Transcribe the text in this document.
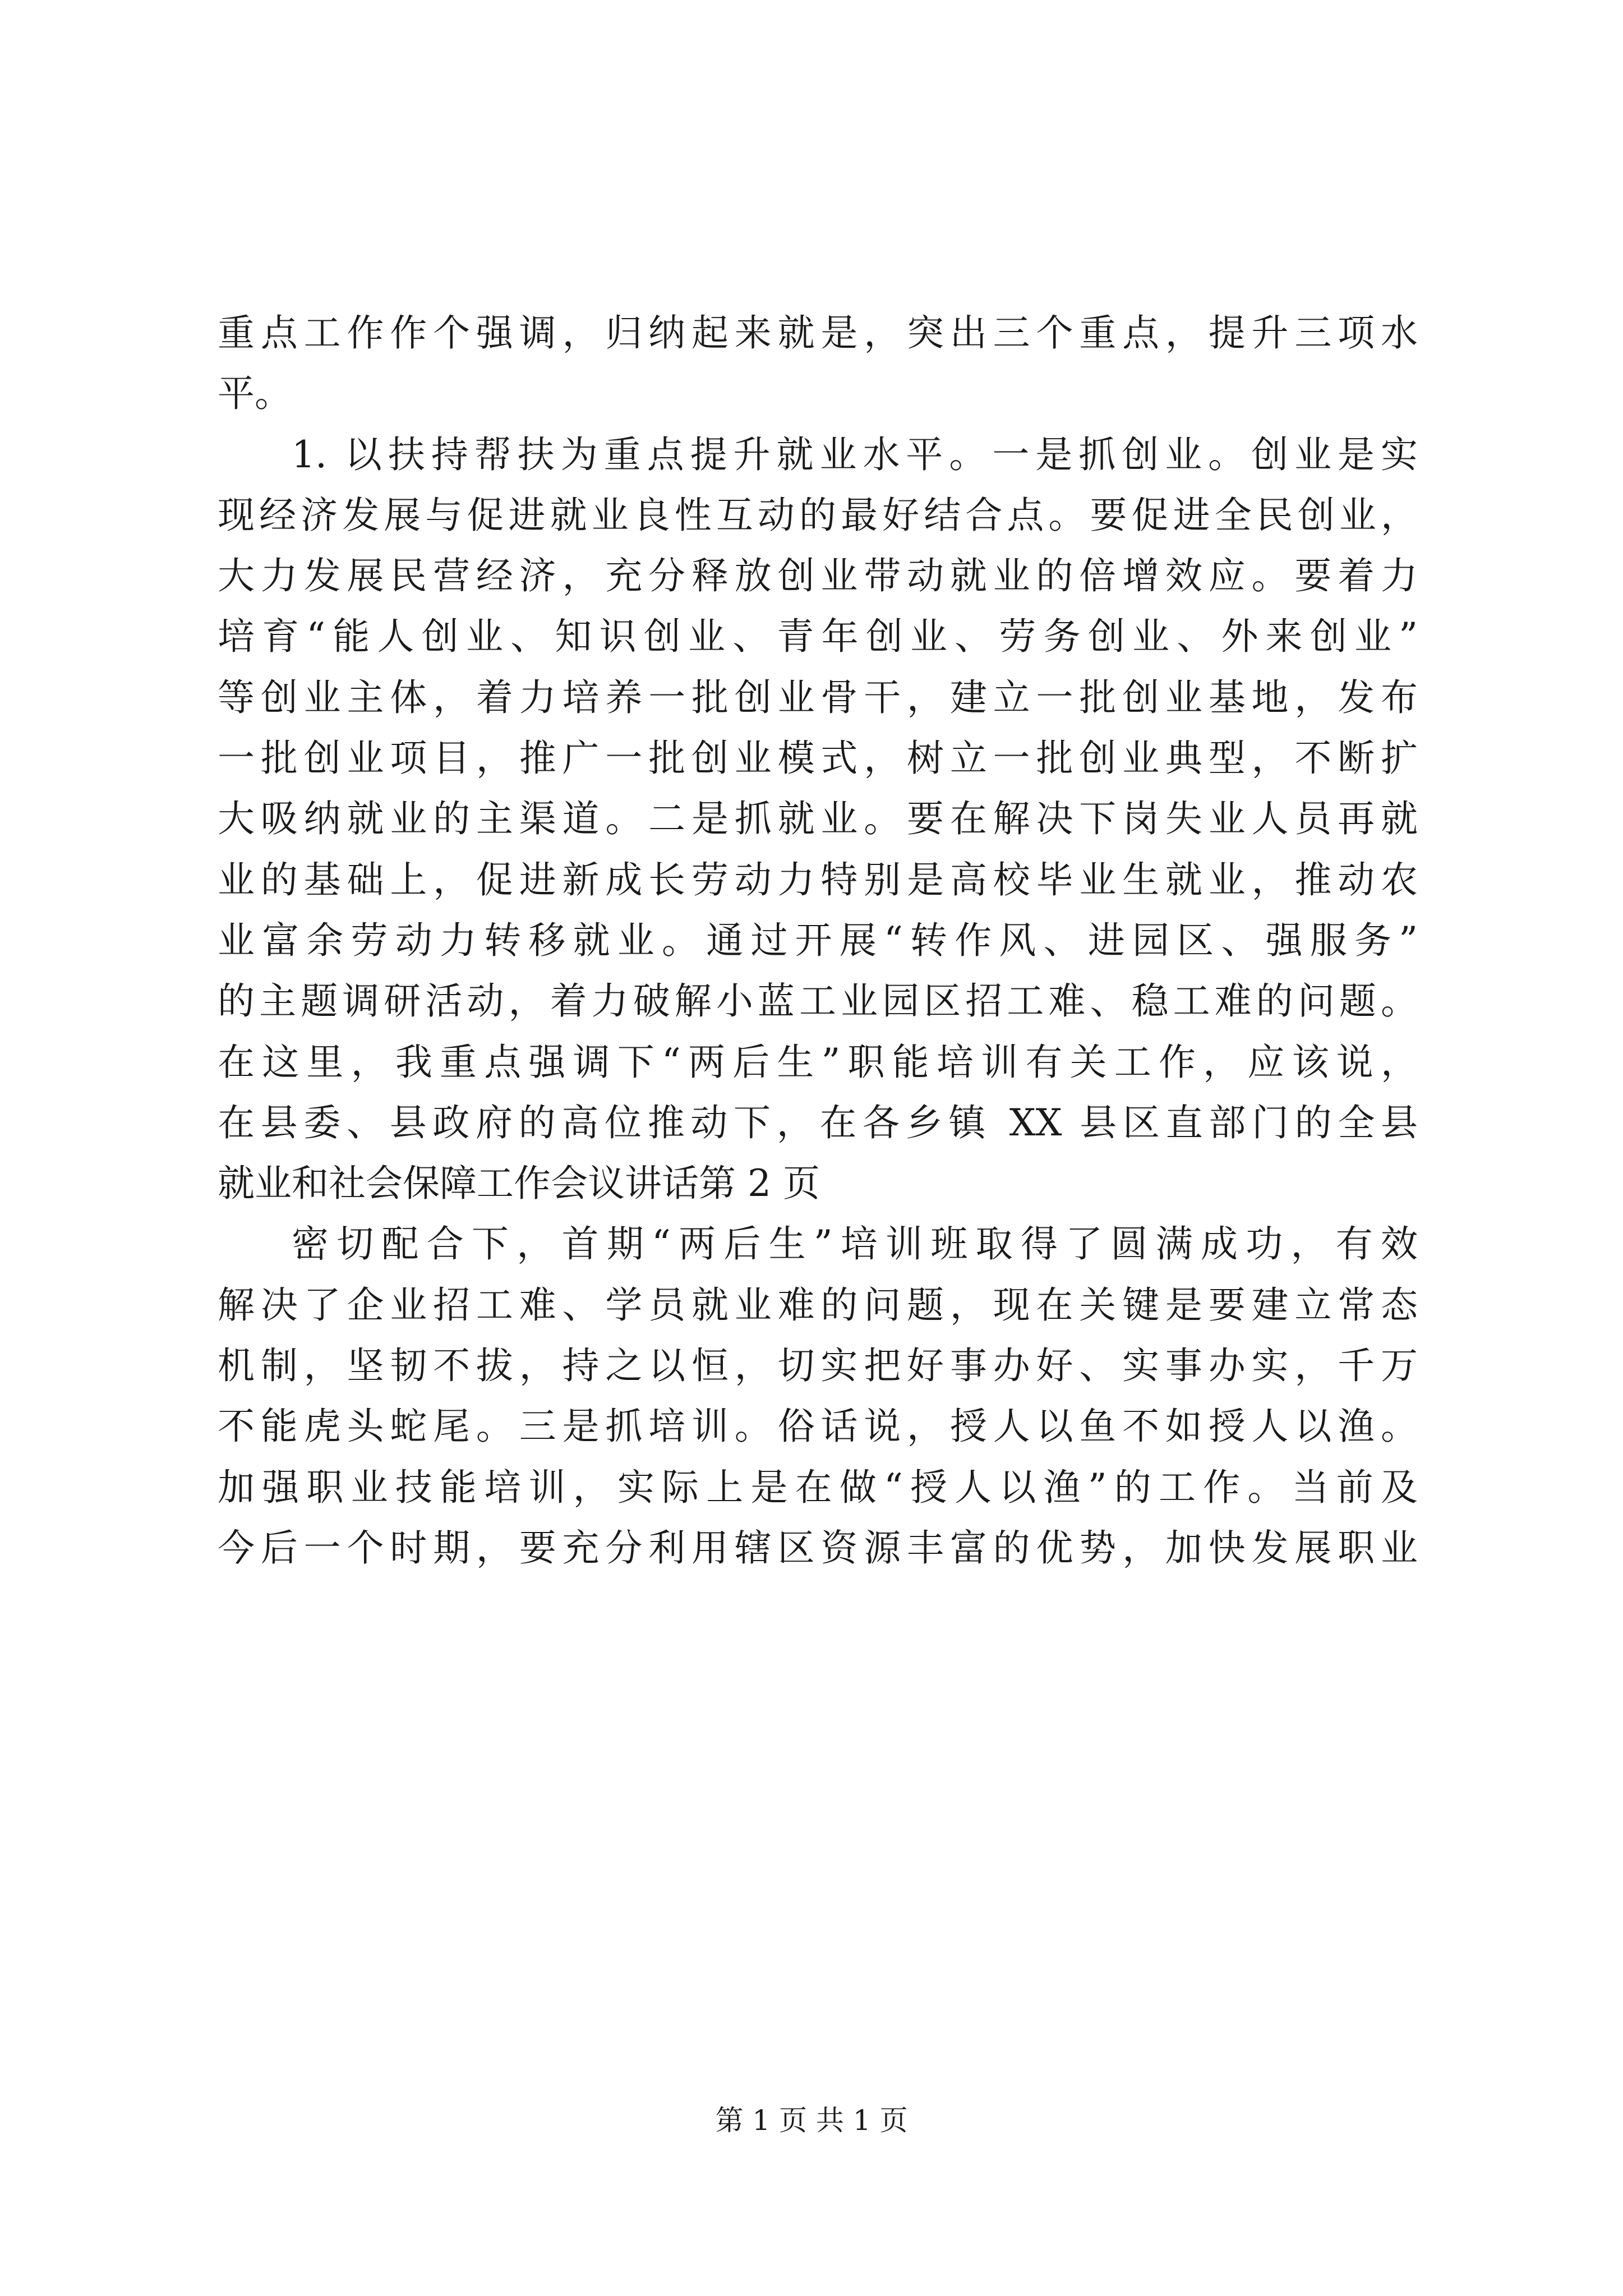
重点工作作个强调，归纳起来就是，突出三个重点，提升三项水
平。
1. 以扶持帮扶为重点提升就业水平。一是抓创业。创业是实
现经济发展与促进就业良性互动的最好结合点。要促进全民创业，
大力发展民营经济，充分释放创业带动就业的倍增效应。要着力
培育“能人创业、知识创业、青年创业、劳务创业、外来创业”
等创业主体，着力培养一批创业骨干，建立一批创业基地，发布
一批创业项目，推广一批创业模式，树立一批创业典型，不断扩
大吸纳就业的主渠道。二是抓就业。要在解决下岗失业人员再就
业的基础上，促进新成长劳动力特别是高校毕业生就业，推动农
业富余劳动力转移就业。通过开展“转作风、进园区、强服务”
的主题调研活动，着力破解小蓝工业园区招工难、稳工难的问题。
在这里，我重点强调下“两后生”职能培训有关工作，应该说，
在县委、县政府的高位推动下，在各乡镇 XX 县区直部门的全县
就业和社会保障工作会议讲话第 2 页
密切配合下，首期“两后生”培训班取得了圆满成功，有效
解决了企业招工难、学员就业难的问题，现在关键是要建立常态
机制，坚韧不拔，持之以恒，切实把好事办好、实事办实，千万
不能虎头蛇尾。三是抓培训。俗话说，授人以鱼不如授人以渔。
加强职业技能培训，实际上是在做“授人以渔”的工作。当前及
今后一个时期，要充分利用辖区资源丰富的优势，加快发展职业
第 1 页 共 1 页
